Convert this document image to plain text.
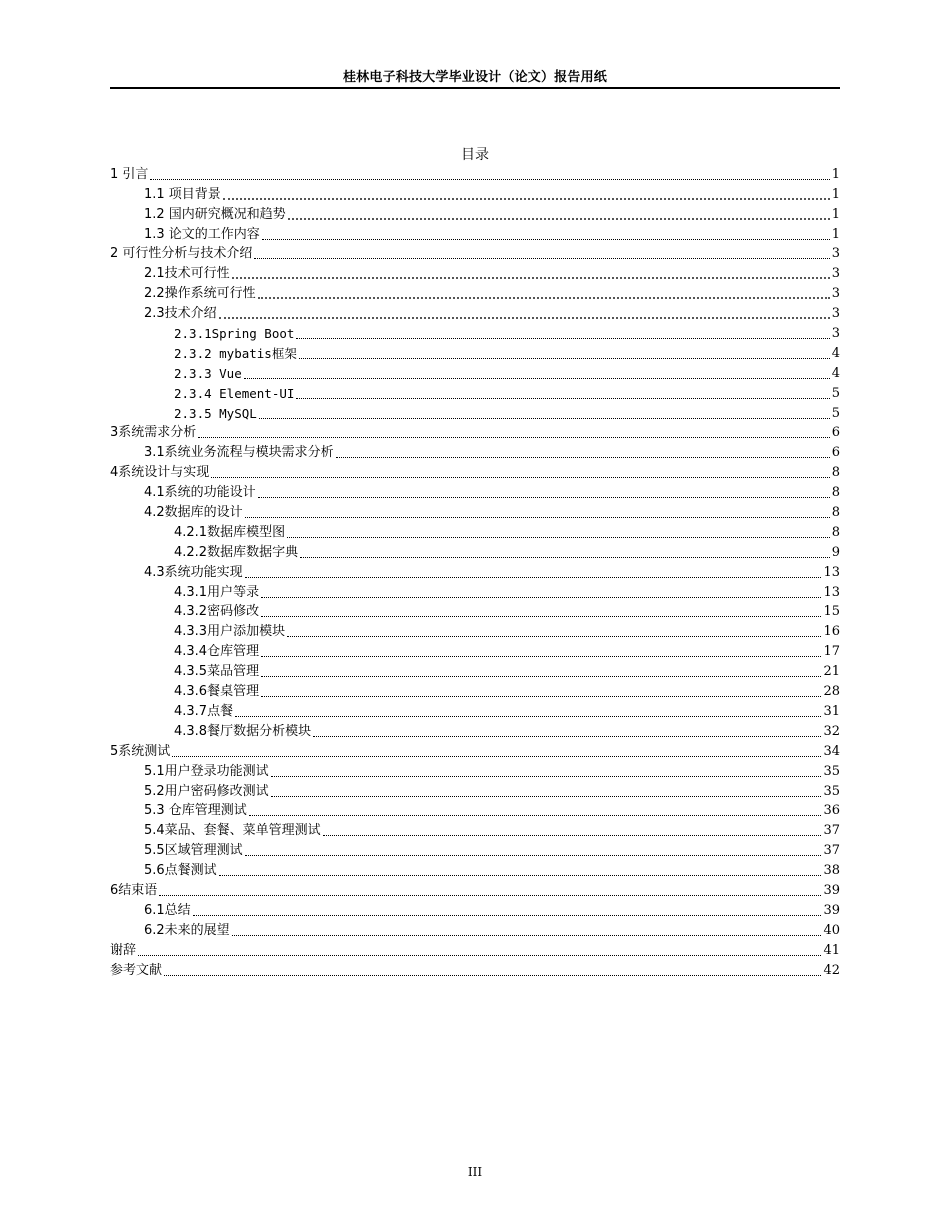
桂林电子科技大学毕业设计（论文）报告用纸
目录
1 引言	1
1.1 项目背景	1
1.2 国内研究概况和趋势	1
1.3 论文的工作内容	1
2 可行性分析与技术介绍	3
2.1技术可行性	3
2.2操作系统可行性	3
2.3技术介绍	3
2.3.1Spring Boot	3
2.3.2 mybatis框架	4
2.3.3 Vue	4
2.3.4 Element-UI	5
2.3.5 MySQL	5
3系统需求分析	6
3.1系统业务流程与模块需求分析	6
4系统设计与实现	8
4.1系统的功能设计	8
4.2数据库的设计	8
4.2.1数据库模型图	8
4.2.2数据库数据字典	9
4.3系统功能实现	13
4.3.1用户等录	13
4.3.2密码修改	15
4.3.3用户添加模块	16
4.3.4仓库管理	17
4.3.5菜品管理	21
4.3.6餐桌管理	28
4.3.7点餐	31
4.3.8餐厅数据分析模块	32
5系统测试	34
5.1用户登录功能测试	35
5.2用户密码修改测试	35
5.3 仓库管理测试	36
5.4菜品、套餐、菜单管理测试	37
5.5区域管理测试	37
5.6点餐测试	38
6结束语	39
6.1总结	39
6.2未来的展望	40
谢辞	41
参考文献	42
III
